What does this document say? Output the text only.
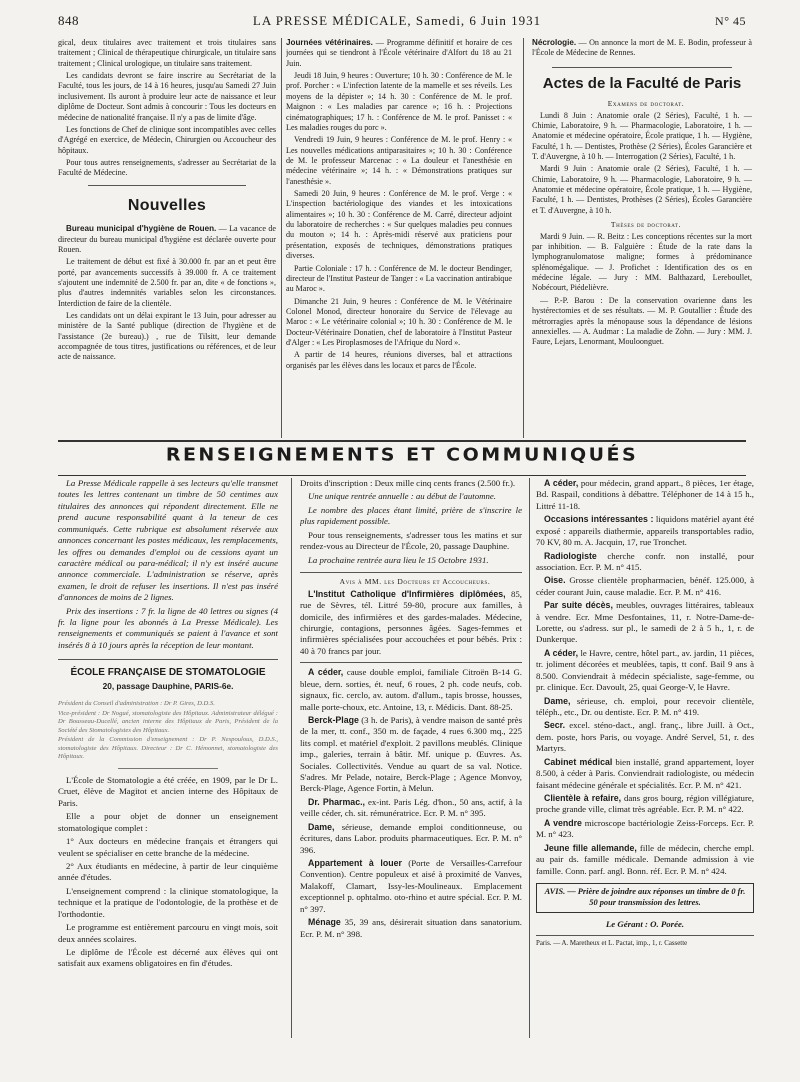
848	LA PRESSE MÉDICALE, Samedi, 6 Juin 1931	N° 45

gical, deux titulaires avec traitement et trois titulaires sans traitement ; Clinical de thérapeutique chirurgicale, un titulaire sans traitement ; Clinical urologique, un titulaire sans traitement.

Les candidats devront se faire inscrire au Secrétariat de la Faculté, tous les jours, de 14 à 16 heures, jusqu'au Samedi 27 Juin inclusivement. Ils auront à produire leur acte de naissance et leur diplôme de Docteur. Sont admis à concourir : Tous les docteurs en médecine de nationalité française. Il n'y a pas de limite d'âge.

Les fonctions de Chef de clinique sont incompatibles avec celles d'Agrégé en exercice, de Médecin, Chirurgien ou Accoucheur des hôpitaux.

Pour tous autres renseignements, s'adresser au Secrétariat de la Faculté de Médecine.

Nouvelles

Bureau municipal d'hygiène de Rouen. — La vacance de directeur du bureau municipal d'hygiène est déclarée ouverte pour Rouen.

Le traitement de début est fixé à 30.000 fr. par an et peut être porté, par avancements successifs à 39.000 fr. A ce traitement s'ajoutent une indemnité de 2.500 fr. par an, dite « de fonctions », plus d'autres indemnités variables selon les circonstances. Interdiction de faire de la clientèle.

Les candidats ont un délai expirant le 13 Juin, pour adresser au ministère de la Santé publique (direction de l'hygiène et de l'assistance (2e bureau).) , rue de Tilsitt, leur demande accompagnée de tous titres, justifications ou références, et de leur acte de naissance.

Journées vétérinaires. — Programme définitif et horaire de ces journées qui se tiendront à l'École vétérinaire d'Alfort du 18 au 21 Juin.

Jeudi 18 Juin, 9 heures : Ouverture; 10 h. 30 : Conférence de M. le prof. Porcher : « L'infection latente de la mamelle et ses réveils. Les moyens de la dépister »; 14 h. 30 : Conférence de M. le prof. Maignon : « Les maladies par carence »; 16 h. : Projections cinématographiques; 17 h. : Conférence de M. le prof. Panisset : « Les maladies rouges du porc ».

Vendredi 19 Juin, 9 heures : Conférence de M. le prof. Henry : « Les nouvelles médications antiparasitaires »; 10 h. 30 : Conférence de M. le professeur Marcenac : « La douleur et l'anesthésie en médecine vétérinaire »; 14 h. : « Démonstrations pratiques sur l'anesthésie ».

Samedi 20 Juin, 9 heures : Conférence de M. le prof. Verge : « L'inspection bactériologique des viandes et les intoxications alimentaires »; 10 h. 30 : Conférence de M. Carré, directeur adjoint du laboratoire de recherches : « Sur quelques maladies peu connues du mouton »; 14 h. : Après-midi réservé aux praticiens pour présentation, exposés de techniques, démonstrations pratiques diverses.

Partie Coloniale : 17 h. : Conférence de M. le docteur Bendinger, directeur de l'Institut Pasteur de Tanger : « La vaccination antirabique au Maroc ».

Dimanche 21 Juin, 9 heures : Conférence de M. le Vétérinaire Colonel Monod, directeur honoraire du Service de l'élevage au Maroc : « Le vétérinaire colonial »; 10 h. 30 : Conférence de M. le Docteur-Vétérinaire Donatien, chef de laboratoire à l'Institut Pasteur d'Alger : « Les Piroplasmoses de l'Afrique du Nord ».

A partir de 14 heures, réunions diverses, bal et attractions organisés par les élèves dans les locaux et parcs de l'École.

Nécrologie. — On annonce la mort de M. E. Bodin, professeur à l'École de Médecine de Rennes.

Actes de la Faculté de Paris

Examens de doctorat.

Lundi 8 Juin : Anatomie orale (2 Séries), Faculté, 1 h. — Chimie, Laboratoire, 9 h. — Pharmacologie, Laboratoire, 1 h. — Anatomie et médecine opératoire, École pratique, 1 h. — Hygiène, Faculté, 1 h. — Dentistes, Prothèse (2 Séries), Écoles Garancière et T. d'Auvergne, à 10 h. — Interrogation (2 Séries), Faculté, 1 h.

Mardi 9 Juin : Anatomie orale (2 Séries), Faculté, 1 h. — Chimie, Laboratoire, 9 h. — Pharmacologie, Laboratoire, 9 h. — Anatomie et médecine opératoire, École pratique, 1 h. — Hygiène, Faculté, 1 h. — Dentistes, Prothèses (2 Séries), Écoles Garancière et T. d'Auvergne, à 10 h.

Thèses de doctorat.

Mardi 9 Juin. — R. Beitz : Les conceptions récentes sur la mort par inhibition. — B. Falguière : Étude de la rate dans la lymphogranulomatose maligne; formes à prédominance splénomégalique. — J. Profichet : Identification des os en médecine légale. — Jury : MM. Balthazard, Lereboullet, Nobécourt, Piédelièvre.

— P.-P. Barou : De la conservation ovarienne dans les hystérectomies et de ses résultats. — M. P. Goutallier : Étude des métrorragies après la ménopause sous la dépendance de lésions annexielles. — A. Audmar : La maladie de Zohn. — Jury : MM. J. Faure, Lejars, Lenormant, Mouloonguet.

RENSEIGNEMENTS ET COMMUNIQUÉS

La Presse Médicale rappelle à ses lecteurs qu'elle transmet toutes les lettres contenant un timbre de 50 centimes aux titulaires des annonces qui répondent directement. Elle ne prend aucune responsabilité quant à la teneur de ces communiqués. Cette rubrique est absolument réservée aux annonces concernant les postes médicaux, les remplacements, les offres ou demandes d'emploi ou de cessions ayant un caractère médical ou para-médical; il n'y est inséré aucune annonce commerciale. L'administration se réserve, après examen, le droit de refuser les insertions. Il n'est pas inséré d'annonces de moins de 2 lignes.

Prix des insertions : 7 fr. la ligne de 40 lettres ou signes (4 fr. la ligne pour les abonnés à La Presse Médicale). Les renseignements et communiqués se paient à l'avance et sont insérés 8 à 10 jours après la réception de leur montant.

ÉCOLE FRANÇAISE DE STOMATOLOGIE
20, passage Dauphine, PARIS-6e.

Président du Conseil d'administration : Dr P. Gires, D.D.S.

Vice-président : Dr Nogué, stomatologiste des Hôpitaux. Administrateur délégué : Dr Bousseau-Ducellé, ancien interne des Hôpitaux de Paris, Président de la Société des Stomatologistes des Hôpitaux.

Président de la Commission d'enseignement : Dr P. Nespoulous, D.D.S., stomatologiste des Hôpitaux. Directeur : Dr C. Hémonnet, stomatologiste des Hôpitaux.

L'École de Stomatologie a été créée, en 1909, par le Dr L. Cruet, élève de Magitot et ancien interne des Hôpitaux de Paris.

Elle a pour objet de donner un enseignement stomatologique complet :

1° Aux docteurs en médecine français et étrangers qui veulent se spécialiser en cette branche de la médecine.

2° Aux étudiants en médecine, à partir de leur cinquième année d'études.

L'enseignement comprend : la clinique stomatologique, la technique et la pratique de l'odontologie, de la prothèse et de l'orthodontie.

Le programme est entièrement parcouru en vingt mois, soit deux années scolaires.

Le diplôme de l'École est décerné aux élèves qui ont satisfait aux examens obligatoires en fin d'études.

Droits d'inscription : Deux mille cinq cents francs (2.500 fr.).

Une unique rentrée annuelle : au début de l'automne.

Le nombre des places étant limité, prière de s'inscrire le plus rapidement possible.

Pour tous renseignements, s'adresser tous les matins et sur rendez-vous au Directeur de l'École, 20, passage Dauphine.

La prochaine rentrée aura lieu le 15 Octobre 1931.

Avis à MM. les Docteurs et Accoucheurs.

L'Institut Catholique d'Infirmières diplômées, 85, rue de Sèvres, tél. Littré 59-80, procure aux familles, à domicile, des infirmières et des gardes-malades. Médecine, chirurgie, contagions, personnes âgées. Sages-femmes et infirmières spécialisées pour accouchées et pour bébés. Prix : 40 à 70 francs par jour.

A céder, cause double emploi, familiale Citroën B-14 G. bleue, dern. sorties, ét. neuf, 6 roues, 2 ph. code neufs, cob. signaux, fic. cerclo, av. autom. d'allum., tapis brosse, housses, malle porte-choux, etc. Antoine, 13, r. Médicis. Dant. 88-25.

Berck-Plage (3 h. de Paris), à vendre maison de santé près de la mer, tt. conf., 350 m. de façade, 4 rues 6.300 mq., 225 lits compl. et matériel d'exploit. 2 pavillons meublés. Clinique imp., galeries, terrain à bâtir. Mf. unique p. Œuvres. As. Sociales. Collectivités. Vendue au quart de sa val. Notice. S'adres. Mr Pelade, notaire, Berck-Plage ; Agence Monvoy, Berck-Plage, Agence Fortin, à Melun.

Dr. Pharmac., ex-int. Paris Lég. d'hon., 50 ans, actif, à la veille céder, ch. sit. rémunératrice. Ecr. P. M. n° 395.

Dame, sérieuse, demande emploi conditionneuse, ou écritures, dans Labor. produits pharmaceutiques. Ecr. P. M. n° 396.

Appartement à louer (Porte de Versailles-Carrefour Convention). Centre populeux et aisé à proximité de Vanves, Malakoff, Clamart, Issy-les-Moulineaux. Emplacement exceptionnel p. ophtalmo. oto-rhino et autre spécial. Ecr. P. M. n° 397.

Ménage 35, 39 ans, désirerait situation dans sanatorium. Ecr. P. M. n° 398.

A céder, pour médecin, grand appart., 8 pièces, 1er étage, Bd. Raspail, conditions à débattre. Téléphoner de 14 à 15 h., Littré 11-18.

Occasions intéressantes : liquidons matériel ayant été exposé : appareils diathermie, appareils transportables radio, 70 KV, 80 m. A. Jacquin, 17, rue Tronchet.

Radiologiste cherche confr. non installé, pour association. Ecr. P. M. n° 415.

Oise. Grosse clientèle propharmacien, bénéf. 125.000, à céder courant Juin, cause maladie. Ecr. P. M. n° 416.

Par suite décès, meubles, ouvrages littéraires, tableaux à vendre. Ecr. Mme Desfontaines, 11, r. Notre-Dame-de-Lorette, ou s'adress. sur pl., le samedi de 2 à 5 h., 1, r. de Dunkerque.

A céder, le Havre, centre, hôtel part., av. jardin, 11 pièces, tr. joliment décorées et meublées, tapis, tt conf. Bail 9 ans à 8.500. Conviendrait à médecin spécialiste, sage-femme, ou pr. clinique. Ecr. Davoult, 25, quai George-V, le Havre.

Dame, sérieuse, ch. emploi, pour recevoir clientèle, téléph., etc., Dr. ou dentiste. Ecr. P. M. n° 419.

Secr. excel. sténo-dact., angl. franç., libre Juill. à Oct., dem. poste, hors Paris, ou voyage. André Servel, 51, r. des Martyrs.

Cabinet médical bien installé, grand appartement, loyer 8.500, à céder à Paris. Conviendrait radiologiste, ou médecin faisant médecine générale et spécialités. Ecr. P. M. n° 421.

Clientèle à refaire, dans gros bourg, région villégiature, proche grande ville, climat très agréable. Ecr. P. M. n° 422.

A vendre microscope bactériologie Zeiss-Forceps. Ecr. P. M. n° 423.

Jeune fille allemande, fille de médecin, cherche empl. au pair ds. famille médicale. Demande admission à vie famille. Conn. parf. angl. Bonn. réf. Ecr. P. M. n° 424.

AVIS. — Prière de joindre aux réponses un timbre de 0 fr. 50 pour transmission des lettres.

Le Gérant : O. Porée.

Paris. — A. Maretheux et L. Pactat, imp., 1, r. Cassette
